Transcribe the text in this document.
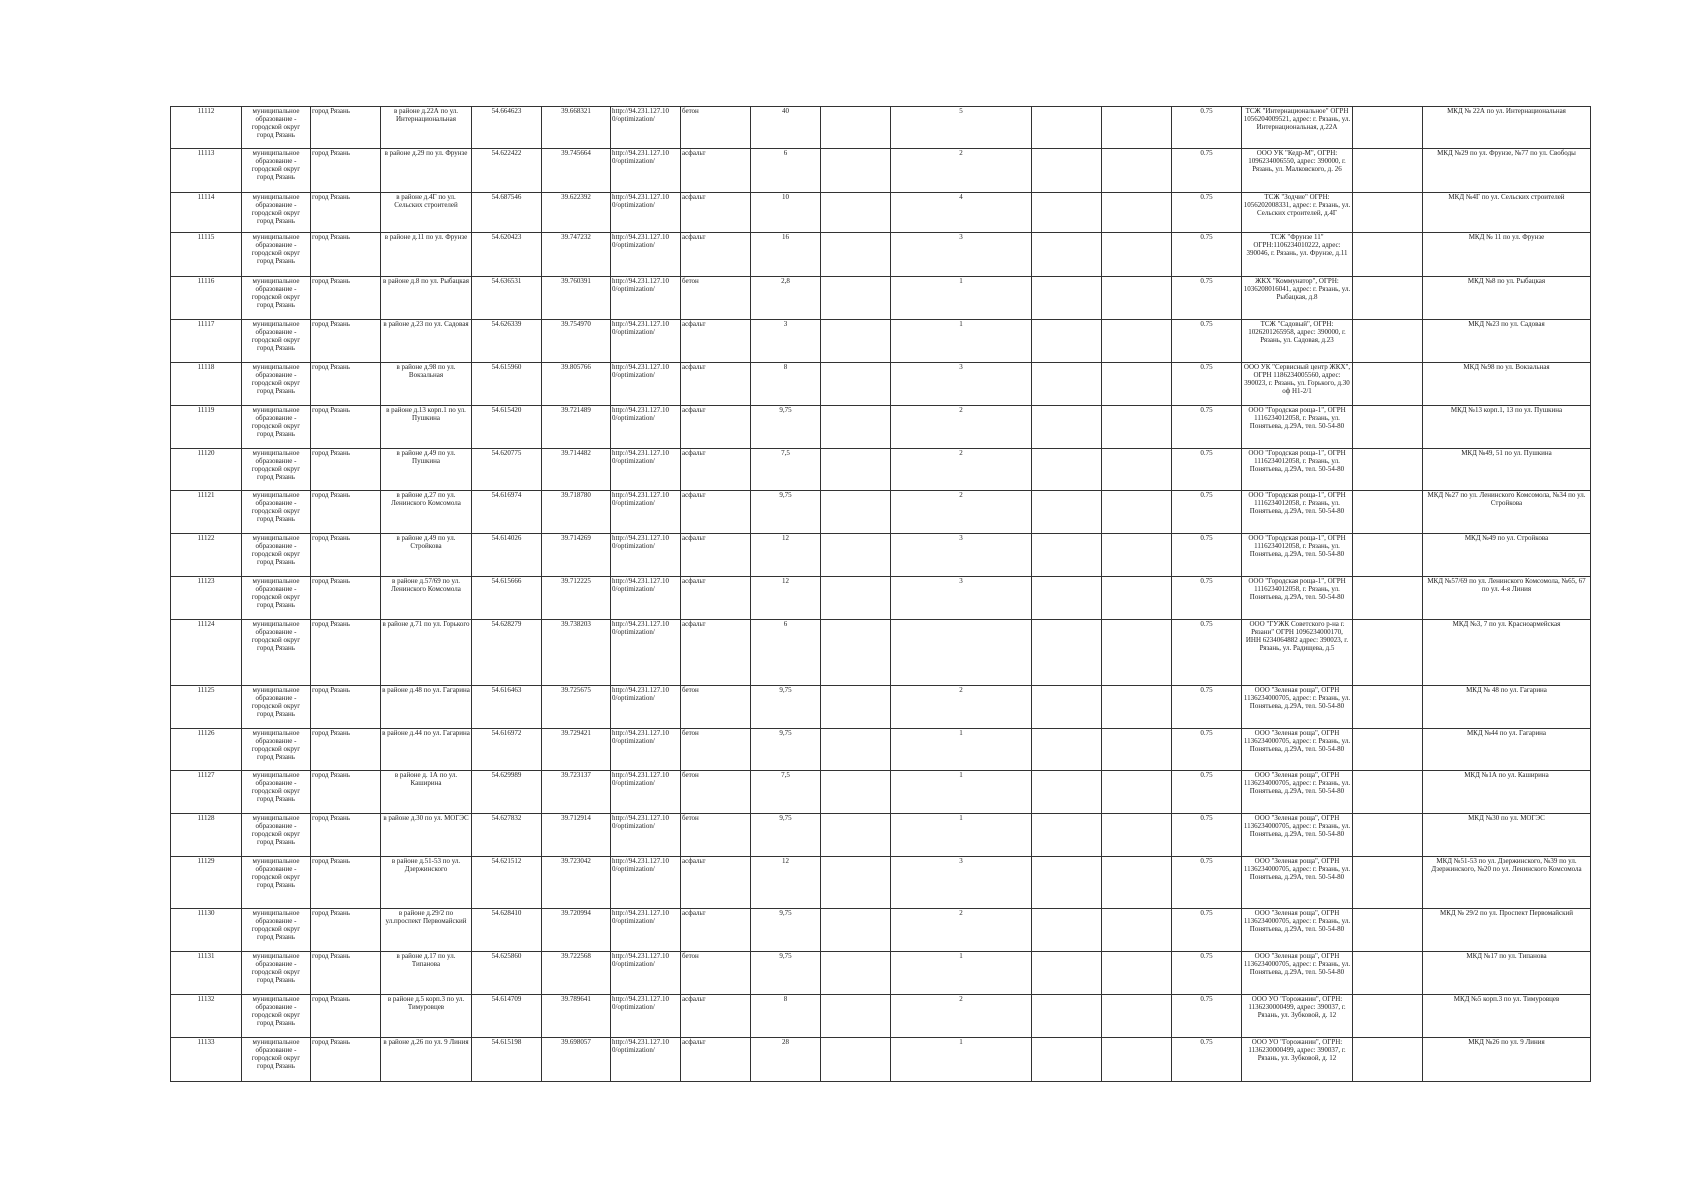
11112	муниципальное образование - городской округ город Рязань	город Рязань	в районе д.22А по ул. Интернациональная	54.664623	39.668321	http://94.231.127.10 0/optimization/	бетон	40		5			0.75	ТСЖ "Интернациональное" ОГРН 1056204009521, адрес: г. Рязань, ул. Интернациональная, д.22А		МКД № 22А по ул. Интернациональная
11113	муниципальное образование - городской округ город Рязань	город Рязань	в районе д.29 по ул. Фрунзе	54.622422	39.745664	http://94.231.127.10 0/optimization/	асфальт	6		2			0.75	ООО УК "Кедр-М", ОГРН: 1096234006550, адрес: 390000, г. Рязань, ул. Малковского, д. 26		МКД №29 по ул. Фрунзе, №77 по ул. Свободы
11114	муниципальное образование - городской округ город Рязань	город Рязань	в районе д.4Г по ул. Сельских строителей	54.687546	39.622392	http://94.231.127.10 0/optimization/	асфальт	10		4			0.75	ТСЖ "Зодчие" ОГРН: 1056202008331, адрес: г. Рязань, ул. Сельских строителей, д.4Г		МКД №4Г по ул. Сельских строителей
11115	муниципальное образование - городской округ город Рязань	город Рязань	в районе д.11 по ул. Фрунзе	54.620423	39.747232	http://94.231.127.10 0/optimization/	асфальт	16		3			0.75	ТСЖ "Фрунзе 11" ОГРН:1106234010222, адрес: 390046, г. Рязань, ул. Фрунзе, д.11		МКД № 11 по ул. Фрунзе
11116	муниципальное образование - городской округ город Рязань	город Рязань	в районе д.8 по ул. Рыбацкая	54.636531	39.760391	http://94.231.127.10 0/optimization/	бетон	2,8		1			0.75	ЖКХ "Коммунатор", ОГРН: 1036208016041, адрес: г. Рязань, ул. Рыбацкая, д.8		МКД №8 по ул. Рыбацкая
11117	муниципальное образование - городской округ город Рязань	город Рязань	в районе д.23 по ул. Садовая	54.626339	39.754970	http://94.231.127.10 0/optimization/	асфальт	3		1			0.75	ТСЖ "Садовый", ОГРН: 1026201265958, адрес: 390000, г. Рязань, ул. Садовая, д.23		МКД №23 по ул. Садовая
11118	муниципальное образование - городской округ город Рязань	город Рязань	в районе д.98 по ул. Вокзальная	54.615960	39.805766	http://94.231.127.10 0/optimization/	асфальт	8		3			0.75	ООО УК "Сервисный центр ЖКХ", ОГРН 1186234005560, адрес: 390023, г. Рязань, ул. Горького, д.30 оф Н1-2/1		МКД №98 по ул. Вокзальная
11119	муниципальное образование - городской округ город Рязань	город Рязань	в районе д.13 корп.1 по ул. Пушкина	54.615420	39.721489	http://94.231.127.10 0/optimization/	асфальт	9,75		2			0.75	ООО "Городская роща-1", ОГРН 1116234012058, г. Рязань, ул. Понятьева, д.29А, тел. 50-54-80		МКД №13 корп.1, 13 по ул. Пушкина
11120	муниципальное образование - городской округ город Рязань	город Рязань	в районе д.49 по ул. Пушкина	54.620775	39.714482	http://94.231.127.10 0/optimization/	асфальт	7,5		2			0.75	ООО "Городская роща-1", ОГРН 1116234012058, г. Рязань, ул. Понятьева, д.29А, тел. 50-54-80		МКД №49, 51 по ул. Пушкина
11121	муниципальное образование - городской округ город Рязань	город Рязань	в районе д.27 по ул. Ленинского Комсомола	54.616974	39.718780	http://94.231.127.10 0/optimization/	асфальт	9,75		2			0.75	ООО "Городская роща-1", ОГРН 1116234012058, г. Рязань, ул. Понятьева, д.29А, тел. 50-54-80		МКД №27 по ул. Ленинского Комсомола, №34 по ул. Стройкова
11122	муниципальное образование - городской округ город Рязань	город Рязань	в районе д.49 по ул. Стройкова	54.614026	39.714269	http://94.231.127.10 0/optimization/	асфальт	12		3			0.75	ООО "Городская роща-1", ОГРН 1116234012058, г. Рязань, ул. Понятьева, д.29А, тел. 50-54-80		МКД №49 по ул. Стройкова
11123	муниципальное образование - городской округ город Рязань	город Рязань	в районе д.57/69 по ул. Ленинского Комсомола	54.615666	39.712225	http://94.231.127.10 0/optimization/	асфальт	12		3			0.75	ООО "Городская роща-1", ОГРН 1116234012058, г. Рязань, ул. Понятьева, д.29А, тел. 50-54-80		МКД №57/69 по ул. Ленинского Комсомола, №65, 67 по ул. 4-я Линия
11124	муниципальное образование - городской округ город Рязань	город Рязань	в районе д.71 по ул. Горького	54.628279	39.738203	http://94.231.127.10 0/optimization/	асфальт	6					0.75	ООО "ГУЖК Советского р-на г. Рязани" ОГРН 1096234000170, ИНН 6234064882 адрес: 390023, г. Рязань, ул. Радищева, д.5		МКД №3, 7 по ул. Красноармейская
11125	муниципальное образование - городской округ город Рязань	город Рязань	в районе д.48 по ул. Гагарина	54.616463	39.725675	http://94.231.127.10 0/optimization/	бетон	9,75		2			0.75	ООО "Зеленая роща", ОГРН 1136234000705, адрес: г. Рязань, ул. Понятьева, д.29А, тел. 50-54-80		МКД № 48 по ул. Гагарина
11126	муниципальное образование - городской округ город Рязань	город Рязань	в районе д.44 по ул. Гагарина	54.616972	39.729421	http://94.231.127.10 0/optimization/	бетон	9,75		1			0.75	ООО "Зеленая роща", ОГРН 1136234000705, адрес: г. Рязань, ул. Понятьева, д.29А, тел. 50-54-80		МКД №44 по ул. Гагарина
11127	муниципальное образование - городской округ город Рязань	город Рязань	в районе д. 1А по ул. Каширина	54.629989	39.723137	http://94.231.127.10 0/optimization/	бетон	7,5		1			0.75	ООО "Зеленая роща", ОГРН 1136234000705, адрес: г. Рязань, ул. Понятьева, д.29А, тел. 50-54-80		МКД №1А по ул. Каширина
11128	муниципальное образование - городской округ город Рязань	город Рязань	в районе д.30 по ул. МОГЭС	54.627832	39.712914	http://94.231.127.10 0/optimization/	бетон	9,75		1			0.75	ООО "Зеленая роща", ОГРН 1136234000705, адрес: г. Рязань, ул. Понятьева, д.29А, тел. 50-54-80		МКД №30 по ул. МОГЭС
11129	муниципальное образование - городской округ город Рязань	город Рязань	в районе д.51-53 по ул. Дзержинского	54.621512	39.723042	http://94.231.127.10 0/optimization/	асфальт	12		3			0.75	ООО "Зеленая роща", ОГРН 1136234000705, адрес: г. Рязань, ул. Понятьева, д.29А, тел. 50-54-80		МКД №51-53 по ул. Дзержинского, №39 по ул. Дзержинского, №20 по ул. Ленинского Комсомола
11130	муниципальное образование - городской округ город Рязань	город Рязань	в районе д.29/2 по ул.проспект Первомайский	54.628410	39.720994	http://94.231.127.10 0/optimization/	асфальт	9,75		2			0.75	ООО "Зеленая роща", ОГРН 1136234000705, адрес: г. Рязань, ул. Понятьева, д.29А, тел. 50-54-80		МКД № 29/2 по ул. Проспект Первомайский
11131	муниципальное образование - городской округ город Рязань	город Рязань	в районе д.17 по ул. Типанова	54.625860	39.722568	http://94.231.127.10 0/optimization/	бетон	9,75		1			0.75	ООО "Зеленая роща", ОГРН 1136234000705, адрес: г. Рязань, ул. Понятьева, д.29А, тел. 50-54-80		МКД №17 по ул. Типанова
11132	муниципальное образование - городской округ город Рязань	город Рязань	в районе д.5 корп.3 по ул. Тимуровцев	54.614709	39.789641	http://94.231.127.10 0/optimization/	асфальт	8		2			0.75	ООО УО "Горожанин", ОГРН: 1136230000499, адрес: 390037, г. Рязань, ул. Зубковой, д. 12		МКД №5 корп.3 по ул. Тимуровцев
11133	муниципальное образование - городской округ город Рязань	город Рязань	в районе д.26 по ул. 9 Линия	54.615198	39.698057	http://94.231.127.10 0/optimization/	асфальт	28		1			0.75	ООО УО "Горожанин", ОГРН: 1136230000499, адрес: 390037, г. Рязань, ул. Зубковой, д. 12		МКД №26 по ул. 9 Линия
